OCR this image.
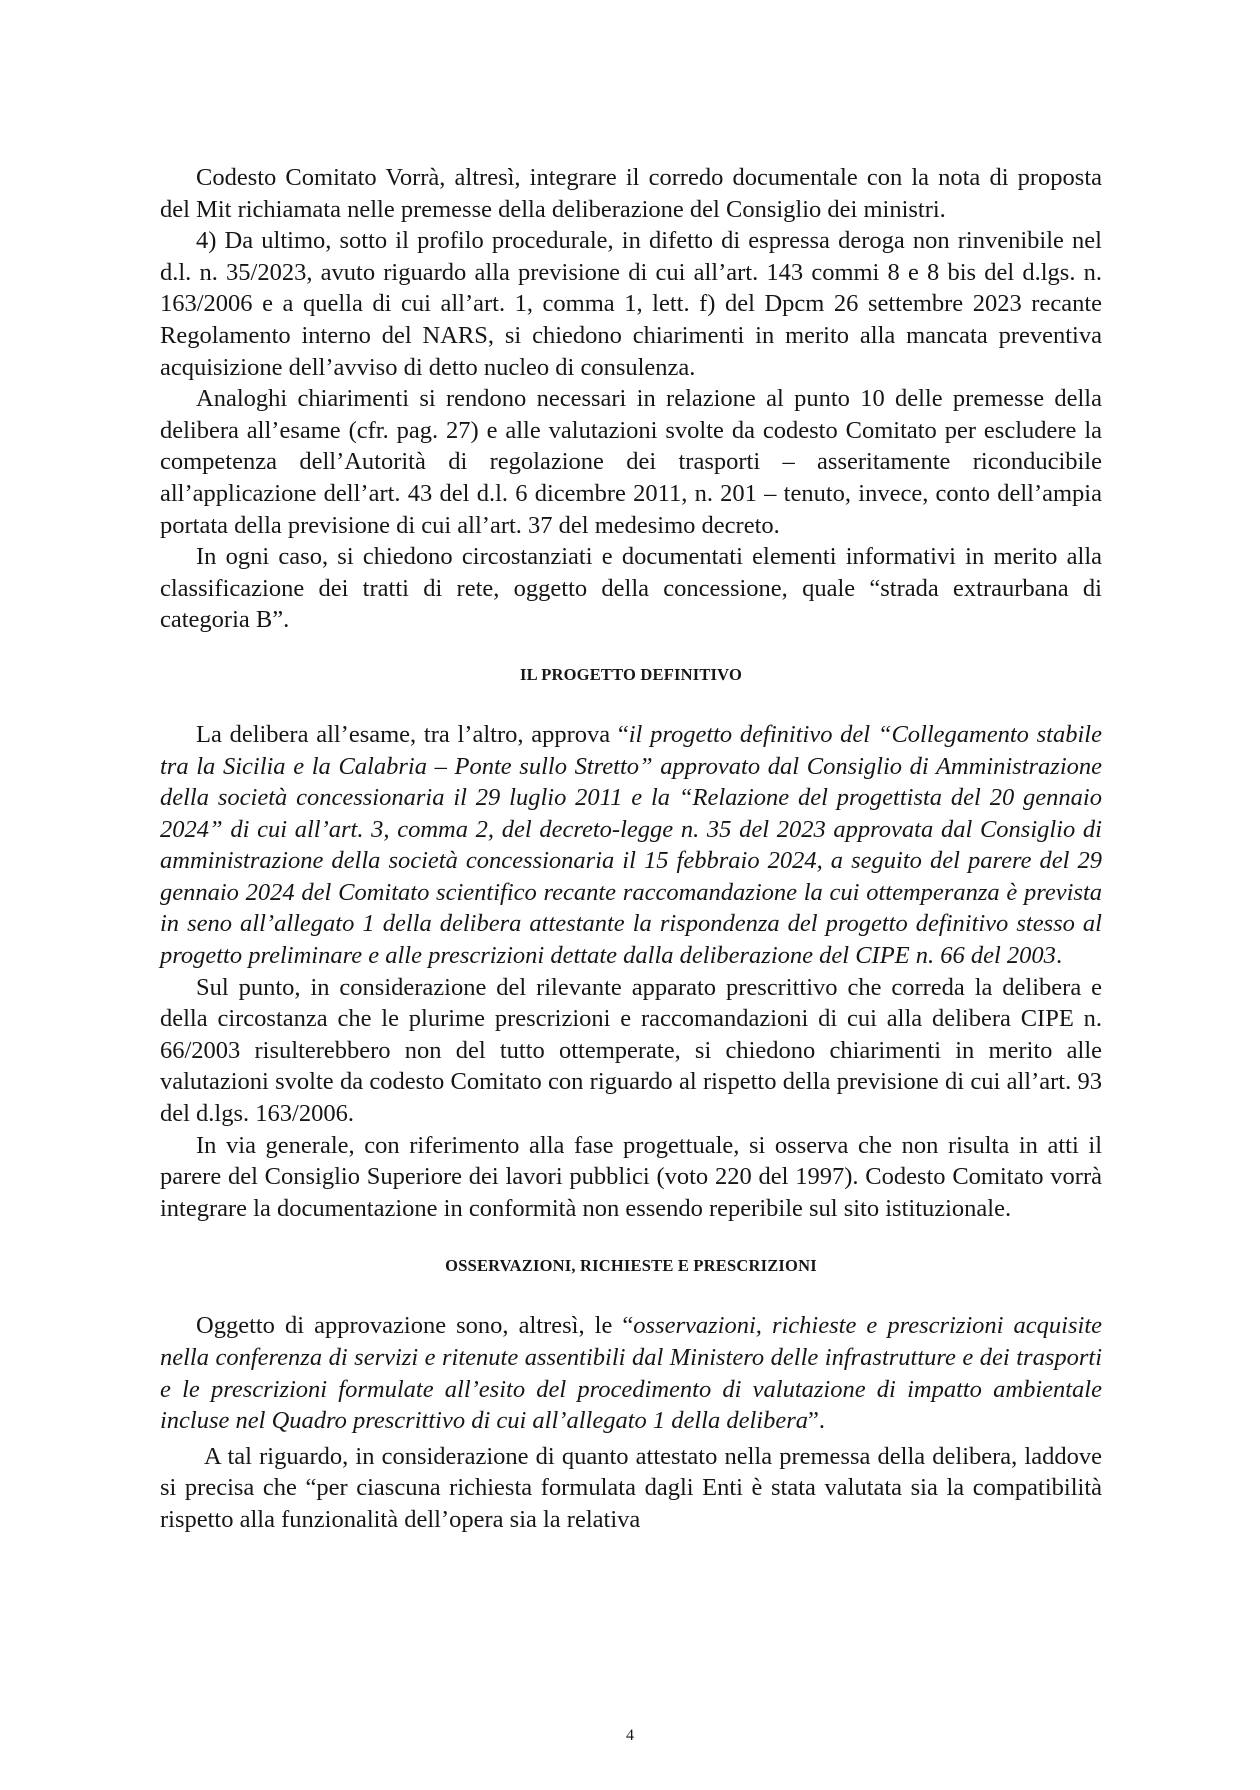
Codesto Comitato Vorrà, altresì, integrare il corredo documentale con la nota di proposta del Mit richiamata nelle premesse della deliberazione del Consiglio dei ministri.

4) Da ultimo, sotto il profilo procedurale, in difetto di espressa deroga non rinvenibile nel d.l. n. 35/2023, avuto riguardo alla previsione di cui all’art. 143 commi 8 e 8 bis del d.lgs. n. 163/2006 e a quella di cui all’art. 1, comma 1, lett. f) del Dpcm 26 settembre 2023 recante Regolamento interno del NARS, si chiedono chiarimenti in merito alla mancata preventiva acquisizione dell’avviso di detto nucleo di consulenza.

Analoghi chiarimenti si rendono necessari in relazione al punto 10 delle premesse della delibera all’esame (cfr. pag. 27) e alle valutazioni svolte da codesto Comitato per escludere la competenza dell’Autorità di regolazione dei trasporti – asseritamente riconducibile all’applicazione dell’art. 43 del d.l. 6 dicembre 2011, n. 201 – tenuto, invece, conto dell’ampia portata della previsione di cui all’art. 37 del medesimo decreto.

In ogni caso, si chiedono circostanziati e documentati elementi informativi in merito alla classificazione dei tratti di rete, oggetto della concessione, quale “strada extraurbana di categoria B”.

IL PROGETTO DEFINITIVO

La delibera all’esame, tra l’altro, approva “il progetto definitivo del “Collegamento stabile tra la Sicilia e la Calabria – Ponte sullo Stretto” approvato dal Consiglio di Amministrazione della società concessionaria il 29 luglio 2011 e la “Relazione del progettista del 20 gennaio 2024” di cui all’art. 3, comma 2, del decreto-legge n. 35 del 2023 approvata dal Consiglio di amministrazione della società concessionaria il 15 febbraio 2024, a seguito del parere del 29 gennaio 2024 del Comitato scientifico recante raccomandazione la cui ottemperanza è prevista in seno all’allegato 1 della delibera attestante la rispondenza del progetto definitivo stesso al progetto preliminare e alle prescrizioni dettate dalla deliberazione del CIPE n. 66 del 2003.

Sul punto, in considerazione del rilevante apparato prescrittivo che correda la delibera e della circostanza che le plurime prescrizioni e raccomandazioni di cui alla delibera CIPE n. 66/2003 risulterebbero non del tutto ottemperate, si chiedono chiarimenti in merito alle valutazioni svolte da codesto Comitato con riguardo al rispetto della previsione di cui all’art. 93 del d.lgs. 163/2006.

In via generale, con riferimento alla fase progettuale, si osserva che non risulta in atti il parere del Consiglio Superiore dei lavori pubblici (voto 220 del 1997). Codesto Comitato vorrà integrare la documentazione in conformità non essendo reperibile sul sito istituzionale.

OSSERVAZIONI, RICHIESTE E PRESCRIZIONI

Oggetto di approvazione sono, altresì, le “osservazioni, richieste e prescrizioni acquisite nella conferenza di servizi e ritenute assentibili dal Ministero delle infrastrutture e dei trasporti e le prescrizioni formulate all’esito del procedimento di valutazione di impatto ambientale incluse nel Quadro prescrittivo di cui all’allegato 1 della delibera”.

A tal riguardo, in considerazione di quanto attestato nella premessa della delibera, laddove si precisa che “per ciascuna richiesta formulata dagli Enti è stata valutata sia la compatibilità rispetto alla funzionalità dell’opera sia la relativa

4
